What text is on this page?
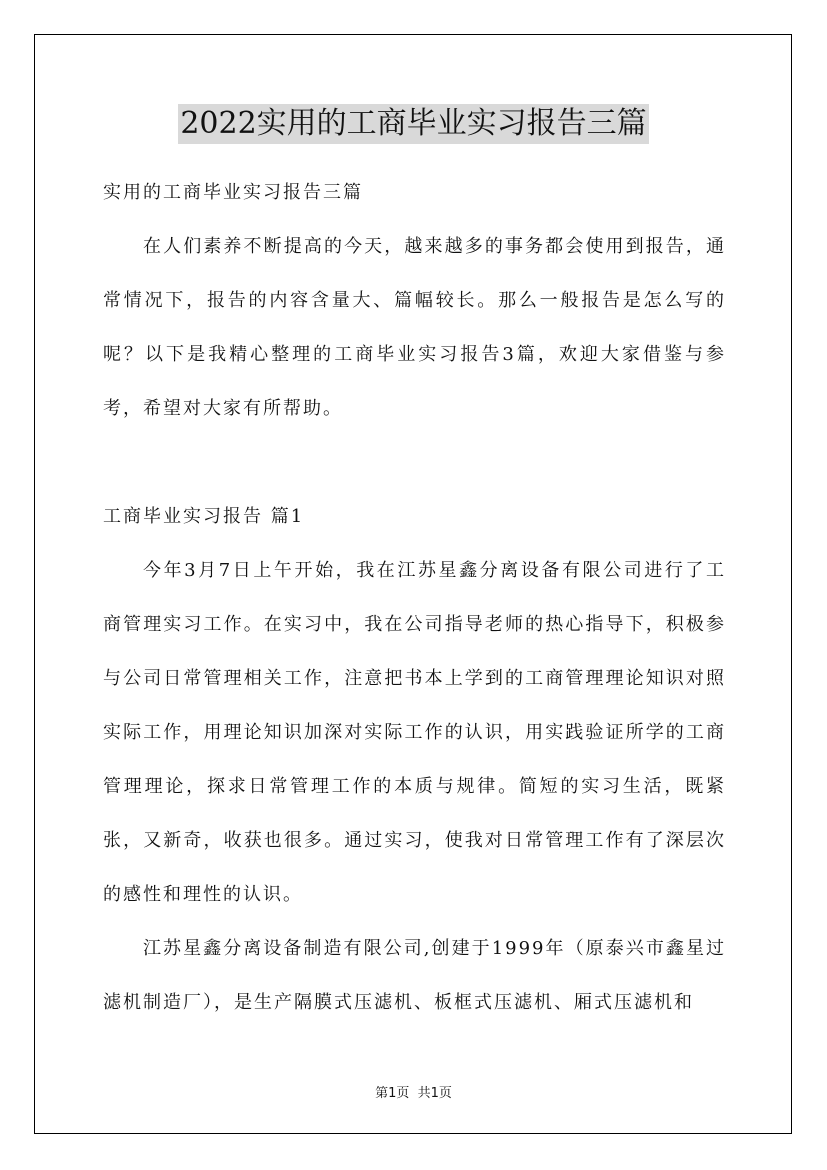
2022实用的工商毕业实习报告三篇

实用的工商毕业实习报告三篇

在人们素养不断提高的今天，越来越多的事务都会使用到报告，通常情况下，报告的内容含量大、篇幅较长。那么一般报告是怎么写的呢？以下是我精心整理的工商毕业实习报告3篇，欢迎大家借鉴与参考，希望对大家有所帮助。

工商毕业实习报告 篇1

今年3月7日上午开始，我在江苏星鑫分离设备有限公司进行了工商管理实习工作。在实习中，我在公司指导老师的热心指导下，积极参与公司日常管理相关工作，注意把书本上学到的工商管理理论知识对照实际工作，用理论知识加深对实际工作的认识，用实践验证所学的工商管理理论，探求日常管理工作的本质与规律。简短的实习生活，既紧张，又新奇，收获也很多。通过实习，使我对日常管理工作有了深层次的感性和理性的认识。

江苏星鑫分离设备制造有限公司,创建于1999年（原泰兴市鑫星过滤机制造厂），是生产隔膜式压滤机、板框式压滤机、厢式压滤机和

第1页  共1页
